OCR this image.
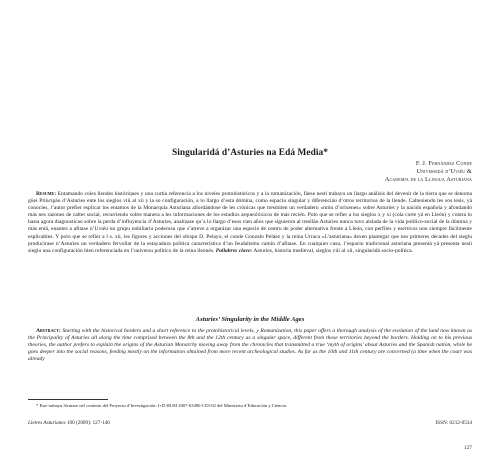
Singularidá d’Asturies na Edá Media*
F. J. Fernández Conde
Universidá d’Uviéu &
Academia de la Llingua Asturiana

Resume: Entamando coles llendes históriques y una curtia referencia a los niveles protohistóricos y a la romanización, fáese nesti trabayu un llargu análisis del devenir de la tierra que se denoma güei Principáu d’Asturies ente los sieglos viii al xii y la so configuración, a lo llargo d’esta dómina, como espaciu singular y diferenciáu d’otros territorios de la llende. Calteniendo les sos tesis, yá conocíes, l’autor prefier esplicar los entamos de la Monarquía Asturiana allordándose de les crónicas que tresmiten un verdaderu «mitu d’orixenes» sobre Asturies y la nación española y afondando más nes razones de calter social, recurriendo sobre manera a les informaciones de los estudios arqueolóxicos de más recién. Polo que se refier a los sieglos x y xi (cola corte yá en Lleón) y contra lo hasta agora diagnosticao sobre la perda d’influyencia d’Asturies, analízase qu’a lo llargo d’esos cien años que siguieron al treslláu Asturies nunca tuvo aislada de la vida político-social de la dómina y más entá, enantes a afitase n’Uviéu un grupu nobiliariu poderosu que s’atreve a organizar una especie de centru de poder alternativu frente a Lleón, con perfiles y esertivos non siempre fácilmente esplicables. Y polo que se refier a l s. xii, les figures y acciones del obispu D. Pelayo, el conde Gonzalo Peláez y la reina Urraca «L’asturiana» dexen plantegar que nes primeres décades del sieglu producirase n’Asturies un verdaderu fervollar de la estayadura política característica d’un feudalismu camín d’afitase. En cualquier casu, l’espaciu tradicional asturiana presentá yá presenta nesti sieglu una configuración bien referenciada en l’universu político de la reina lleonés. Pallabres clave: Asturies, historia medieval, sieglos viii al xii, singularidá socio-política.

Asturies’ Singularity in the Middle Ages

Abstract: Starting with the historical borders and a short reference to the protohistorical levels, y Romanization, this paper offers a thorough analysis of the evolution of the land now known as the Principality of Asturies all along the time comprised between the 8th and the 12th century as a singular space, different from those territories beyond the borders. Holding on to his previous theories, the author prefers to explain the origins of the Asturian Monarchy moving away from the chronicles that transmitted a true ‘myth of origins’ about Asturies and the Spanish nation, while he goes deeper into the social reasons, feeding mostly on the information obtained from more recent archeological studies. As far as the 10th and 11th century are concerned (a time when the court was already

* Este trabayu fórmase nel contestu del Proyectu d’Investigación: I+D HUM 2007-63496-C03-02 del Ministeriu d’Educación y Ciencia.

Lletres Asturianes 100 (2009): 127-140	ISSN: 0212-0534
127
